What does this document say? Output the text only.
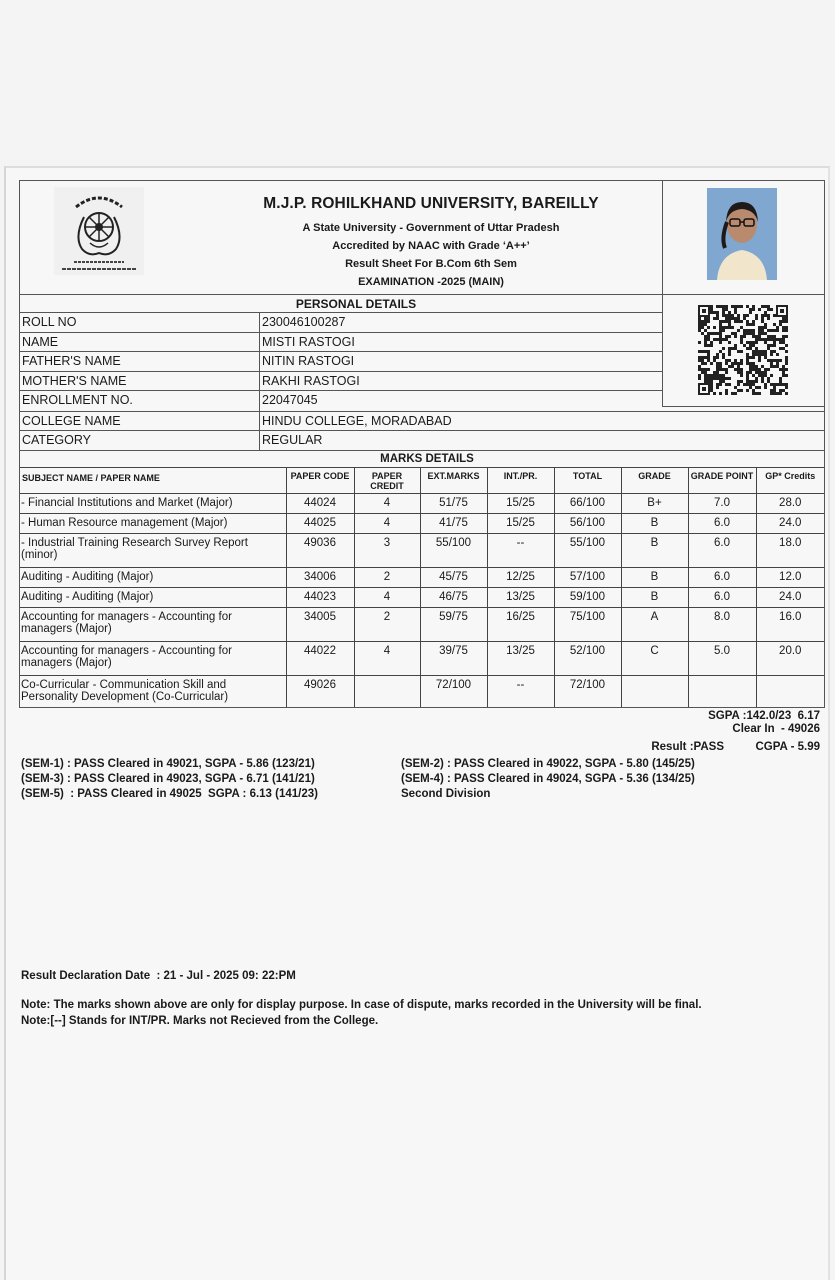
M.J.P. ROHILKHAND UNIVERSITY, BAREILLY
A State University - Government of Uttar Pradesh
Accredited by NAAC with Grade ‘A++’
Result Sheet For B.Com 6th Sem
EXAMINATION -2025 (MAIN)
PERSONAL DETAILS
ROLL NO	230046100287
NAME	MISTI RASTOGI
FATHER'S NAME	NITIN RASTOGI
MOTHER'S NAME	RAKHI RASTOGI
ENROLLMENT NO.	22047045
COLLEGE NAME	HINDU COLLEGE, MORADABAD
CATEGORY	REGULAR
MARKS DETAILS
SUBJECT NAME / PAPER NAME	PAPER CODE	PAPER CREDIT	EXT.MARKS	INT./PR.	TOTAL	GRADE	GRADE POINT	GP* Credits
- Financial Institutions and Market (Major)	44024	4	51/75	15/25	66/100	B+	7.0	28.0
- Human Resource management (Major)	44025	4	41/75	15/25	56/100	B	6.0	24.0
- Industrial Training Research Survey Report (minor)	49036	3	55/100	--	55/100	B	6.0	18.0
Auditing - Auditing (Major)	34006	2	45/75	12/25	57/100	B	6.0	12.0
Auditing - Auditing (Major)	44023	4	46/75	13/25	59/100	B	6.0	24.0
Accounting for managers - Accounting for managers (Major)	34005	2	59/75	16/25	75/100	A	8.0	16.0
Accounting for managers - Accounting for managers (Major)	44022	4	39/75	13/25	52/100	C	5.0	20.0
Co-Curricular - Communication Skill and Personality Development (Co-Curricular)	49026		72/100	--	72/100			
SGPA :142.0/23  6.17
Clear In  - 49026
Result :PASS	CGPA - 5.99
(SEM-1) : PASS Cleared in 49021, SGPA - 5.86 (123/21)
(SEM-3) : PASS Cleared in 49023, SGPA - 6.71 (141/21)
(SEM-5)  : PASS Cleared in 49025  SGPA : 6.13 (141/23)
(SEM-2) : PASS Cleared in 49022, SGPA - 5.80 (145/25)
(SEM-4) : PASS Cleared in 49024, SGPA - 5.36 (134/25)
Second Division
Result Declaration Date  : 21 - Jul - 2025 09: 22:PM
Note: The marks shown above are only for display purpose. In case of dispute, marks recorded in the University will be final.
Note:[--] Stands for INT/PR. Marks not Recieved from the College.
